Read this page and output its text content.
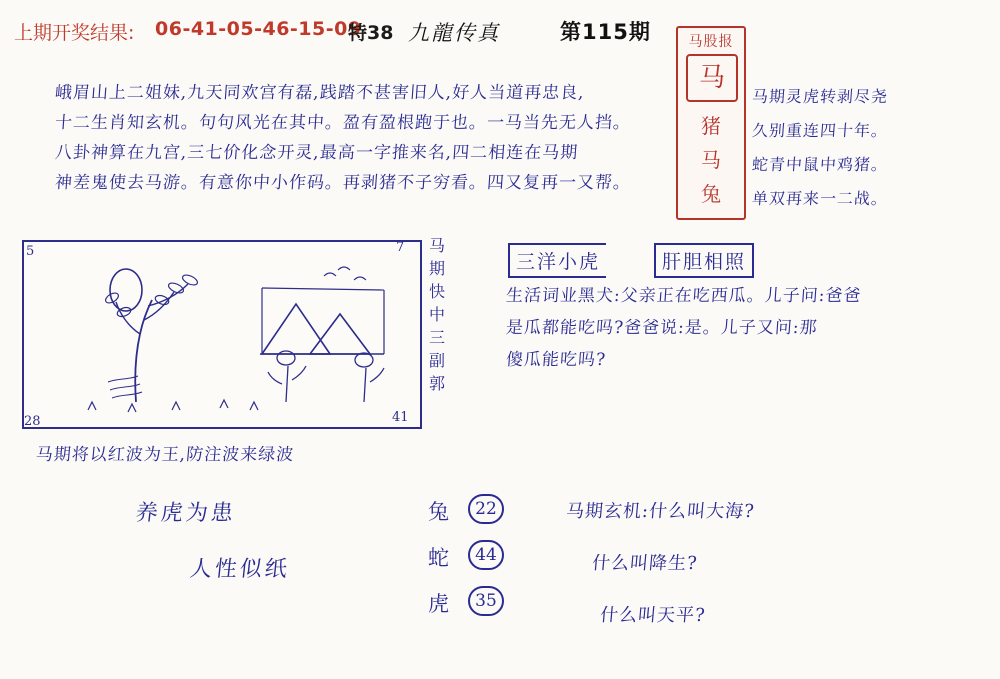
上期开奖结果: 06-41-05-46-15-09
特38 九龍传真	第115期
峨眉山上二姐妹,九天同欢宫有磊,践踏不甚害旧人,好人当道再忠良,
十二生肖知玄机。句句风光在其中。盈有盈根跑于也。一马当先无人挡。
八卦神算在九宫,三七价化念开灵,最高一字推来名,四二相连在马期
神差鬼使去马游。有意你中小作码。再剥猪不子穷看。四又复再一又帮。
马股报
马
猪
马
兔
马期灵虎转剥尽尧
久别重连四十年。
蛇青中鼠中鸡猪。
单双再来一二战。
5	7
28	41
马期快中三副郭
马期将以红波为王,防注波来绿波
养虎为患
人性似纸
兔	22
蛇	44
虎	35
三洋小虎	肝胆相照
生活词业黑犬:父亲正在吃西瓜。儿子问:爸爸
是瓜都能吃吗?爸爸说:是。儿子又问:那
傻瓜能吃吗?
马期玄机:什么叫大海?
什么叫降生?
什么叫天平?
